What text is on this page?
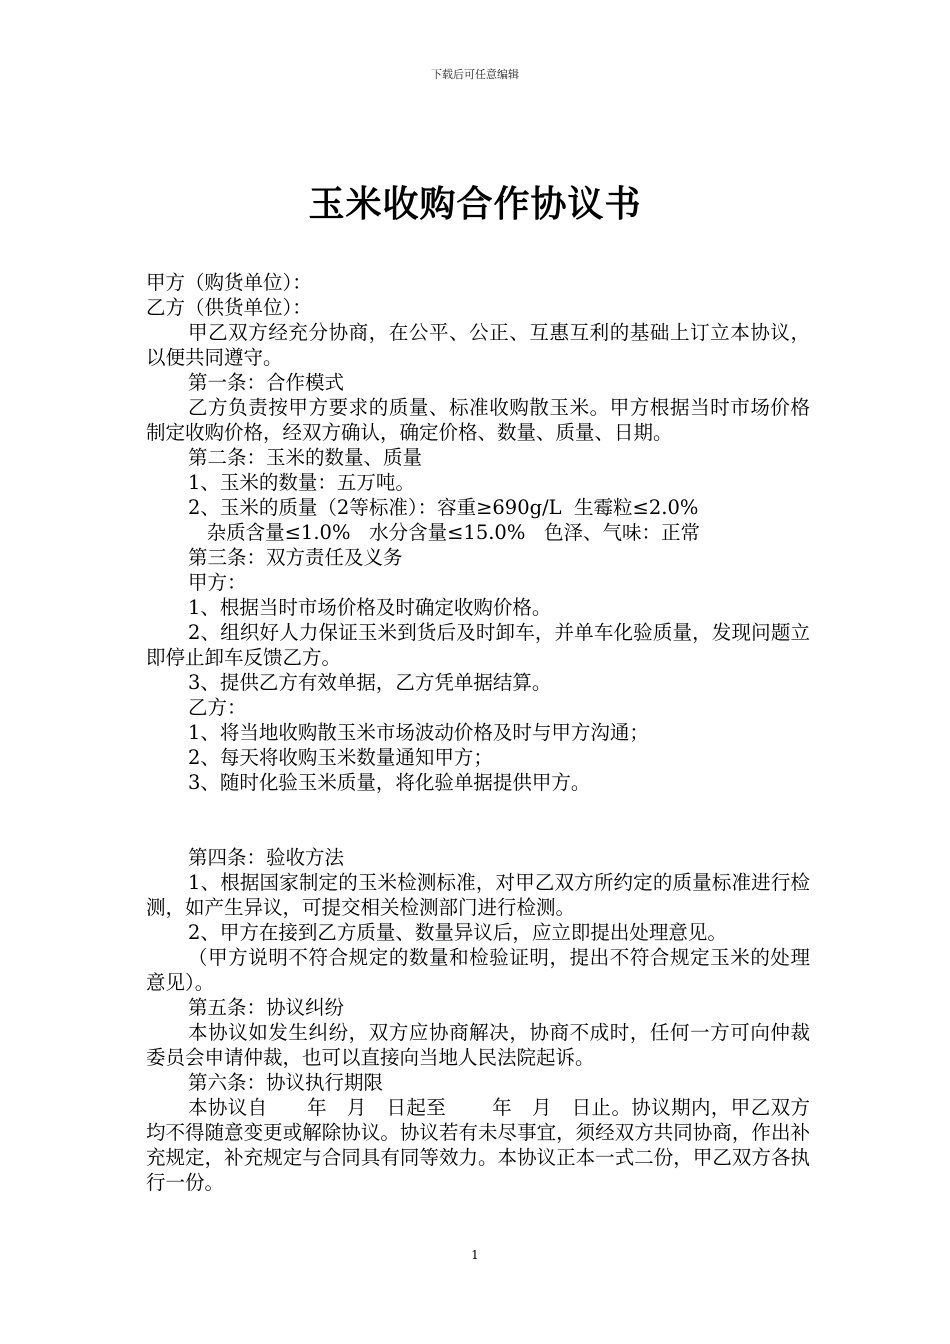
下载后可任意编辑
玉米收购合作协议书

甲方（购货单位）：

乙方（供货单位）：

甲乙双方经充分协商，在公平、公正、互惠互利的基础上订立本协议，以便共同遵守。

第一条：合作模式

乙方负责按甲方要求的质量、标准收购散玉米。甲方根据当时市场价格制定收购价格，经双方确认，确定价格、数量、质量、日期。

第二条：玉米的数量、质量

1、玉米的数量：五万吨。

2、玉米的质量（2等标准）：容重≥690g/L  生霉粒≤2.0%

杂质含量≤1.0%   水分含量≤15.0%   色泽、气味：正常

第三条：双方责任及义务

甲方：

1、根据当时市场价格及时确定收购价格。

2、组织好人力保证玉米到货后及时卸车，并单车化验质量，发现问题立即停止卸车反馈乙方。

3、提供乙方有效单据，乙方凭单据结算。

乙方：

1、将当地收购散玉米市场波动价格及时与甲方沟通；

2、每天将收购玉米数量通知甲方；

3、随时化验玉米质量，将化验单据提供甲方。

第四条：验收方法

1、根据国家制定的玉米检测标准，对甲乙双方所约定的质量标准进行检测，如产生异议，可提交相关检测部门进行检测。

2、甲方在接到乙方质量、数量异议后，应立即提出处理意见。

（甲方说明不符合规定的数量和检验证明，提出不符合规定玉米的处理意见）。

第五条：协议纠纷

本协议如发生纠纷，双方应协商解决，协商不成时，任何一方可向仲裁委员会申请仲裁，也可以直接向当地人民法院起诉。

第六条：协议执行期限

本协议自      年   月   日起至       年   月   日止。协议期内，甲乙双方均不得随意变更或解除协议。协议若有未尽事宜，须经双方共同协商，作出补充规定，补充规定与合同具有同等效力。本协议正本一式二份，甲乙双方各执行一份。

1
